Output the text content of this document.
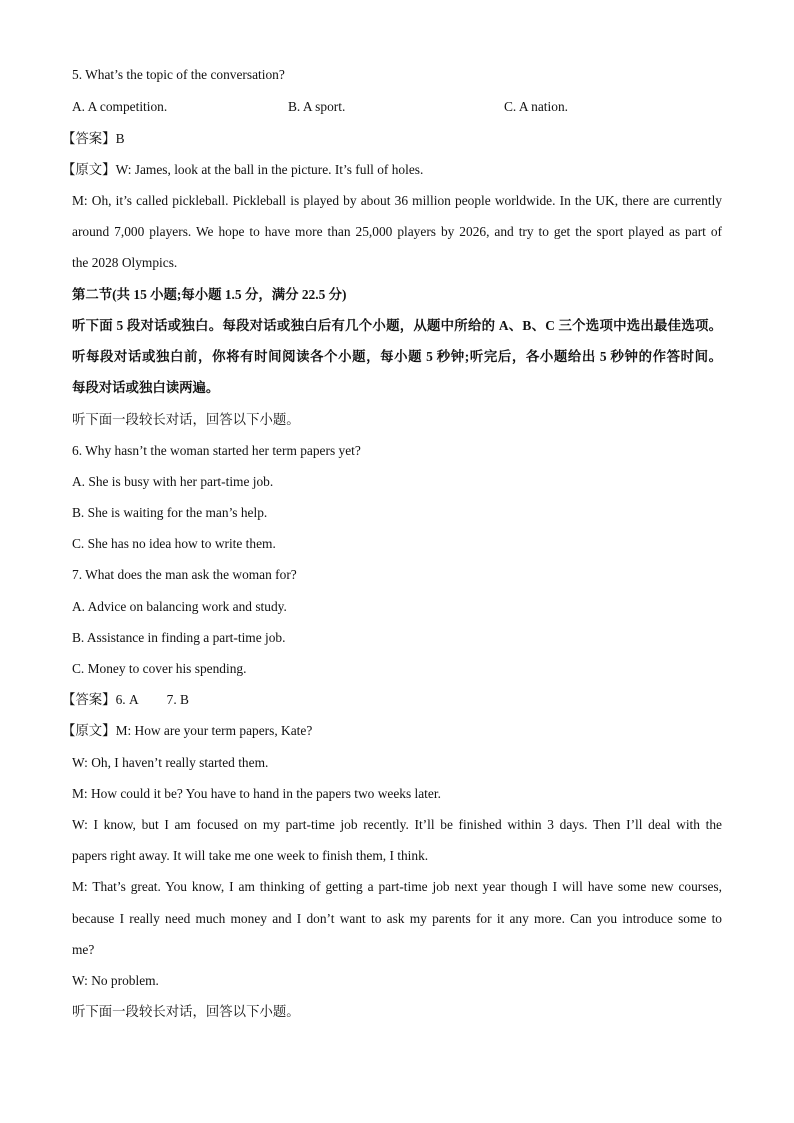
5. What’s the topic of the conversation?
A. A competition.	B. A sport.	C. A nation.
【答案】B
【原文】W: James, look at the ball in the picture. It’s full of holes.
M: Oh, it’s called pickleball. Pickleball is played by about 36 million people worldwide. In the UK, there are currently
around 7,000 players. We hope to have more than 25,000 players by 2026, and try to get the sport played as part of
the 2028 Olympics.
第二节(共 15 小题;每小题 1.5 分，满分 22.5 分)
听下面 5 段对话或独白。每段对话或独白后有几个小题，从题中所给的 A、B、C 三个选项中选出最佳选项。
听每段对话或独白前，你将有时间阅读各个小题，每小题 5 秒钟;听完后，各小题给出 5 秒钟的作答时间。
每段对话或独白读两遍。
听下面一段较长对话，回答以下小题。
6. Why hasn’t the woman started her term papers yet?
A. She is busy with her part-time job.
B. She is waiting for the man’s help.
C. She has no idea how to write them.
7. What does the man ask the woman for?
A. Advice on balancing work and study.
B. Assistance in finding a part-time job.
C. Money to cover his spending.
【答案】6. A 7. B
【原文】M: How are your term papers, Kate?
W: Oh, I haven’t really started them.
M: How could it be? You have to hand in the papers two weeks later.
W: I know, but I am focused on my part-time job recently. It’ll be finished within 3 days. Then I’ll deal with the
papers right away. It will take me one week to finish them, I think.
M: That’s great. You know, I am thinking of getting a part-time job next year though I will have some new courses,
because I really need much money and I don’t want to ask my parents for it any more. Can you introduce some to
me?
W: No problem.
听下面一段较长对话，回答以下小题。
